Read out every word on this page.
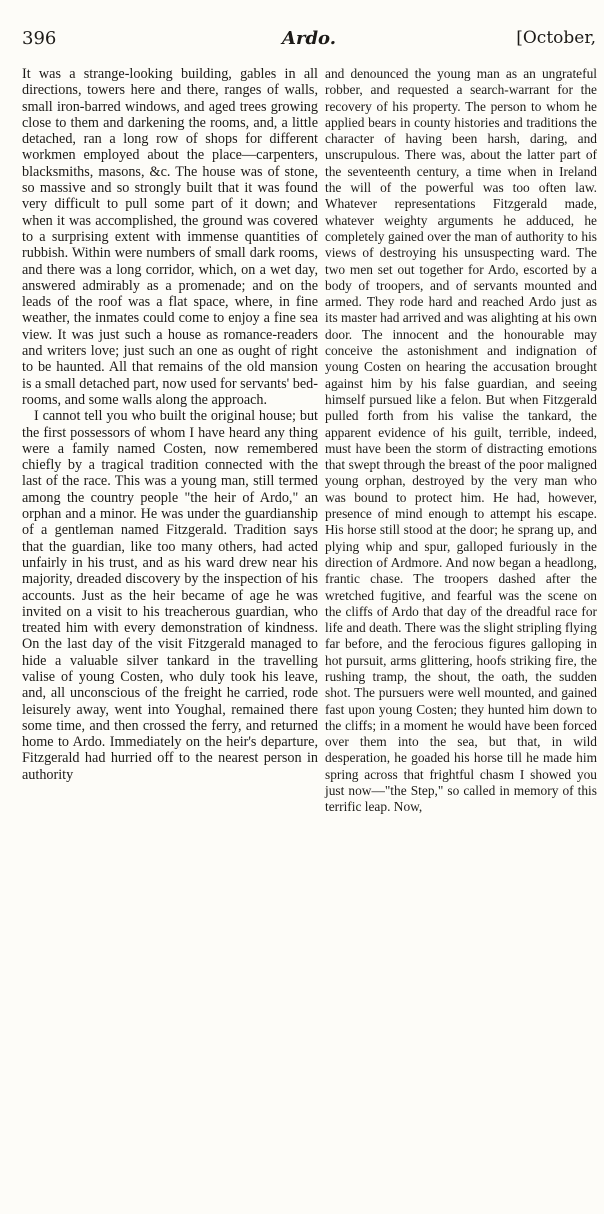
396	Ardo.	[October,

It was a strange-looking building, gables in all directions, towers here and there, ranges of walls, small iron-barred windows, and aged trees growing close to them and darkening the rooms, and, a little detached, ran a long row of shops for different workmen employed about the place—carpenters, blacksmiths, masons, &c. The house was of stone, so massive and so strongly built that it was found very difficult to pull some part of it down; and when it was accomplished, the ground was covered to a surprising extent with immense quantities of rubbish. Within were numbers of small dark rooms, and there was a long corridor, which, on a wet day, answered admirably as a promenade; and on the leads of the roof was a flat space, where, in fine weather, the inmates could come to enjoy a fine sea view. It was just such a house as romance-readers and writers love; just such an one as ought of right to be haunted. All that remains of the old mansion is a small detached part, now used for servants' bed-rooms, and some walls along the approach.

I cannot tell you who built the original house; but the first possessors of whom I have heard any thing were a family named Costen, now remembered chiefly by a tragical tradition connected with the last of the race. This was a young man, still termed among the country people "the heir of Ardo," an orphan and a minor. He was under the guardianship of a gentleman named Fitzgerald. Tradition says that the guardian, like too many others, had acted unfairly in his trust, and as his ward drew near his majority, dreaded discovery by the inspection of his accounts. Just as the heir became of age he was invited on a visit to his treacherous guardian, who treated him with every demonstration of kindness. On the last day of the visit Fitzgerald managed to hide a valuable silver tankard in the travelling valise of young Costen, who duly took his leave, and, all unconscious of the freight he carried, rode leisurely away, went into Youghal, remained there some time, and then crossed the ferry, and returned home to Ardo. Immediately on the heir's departure, Fitzgerald had hurried off to the nearest person in authority

and denounced the young man as an ungrateful robber, and requested a search-warrant for the recovery of his property. The person to whom he applied bears in county histories and traditions the character of having been harsh, daring, and unscrupulous. There was, about the latter part of the seventeenth century, a time when in Ireland the will of the powerful was too often law. Whatever representations Fitzgerald made, whatever weighty arguments he adduced, he completely gained over the man of authority to his views of destroying his unsuspecting ward. The two men set out together for Ardo, escorted by a body of troopers, and of servants mounted and armed. They rode hard and reached Ardo just as its master had arrived and was alighting at his own door. The innocent and the honourable may conceive the astonishment and indignation of young Costen on hearing the accusation brought against him by his false guardian, and seeing himself pursued like a felon. But when Fitzgerald pulled forth from his valise the tankard, the apparent evidence of his guilt, terrible, indeed, must have been the storm of distracting emotions that swept through the breast of the poor maligned young orphan, destroyed by the very man who was bound to protect him. He had, however, presence of mind enough to attempt his escape. His horse still stood at the door; he sprang up, and plying whip and spur, galloped furiously in the direction of Ardmore. And now began a headlong, frantic chase. The troopers dashed after the wretched fugitive, and fearful was the scene on the cliffs of Ardo that day of the dreadful race for life and death. There was the slight stripling flying far before, and the ferocious figures galloping in hot pursuit, arms glittering, hoofs striking fire, the rushing tramp, the shout, the oath, the sudden shot. The pursuers were well mounted, and gained fast upon young Costen; they hunted him down to the cliffs; in a moment he would have been forced over them into the sea, but that, in wild desperation, he goaded his horse till he made him spring across that frightful chasm I showed you just now—"the Step," so called in memory of this terrific leap. Now,
